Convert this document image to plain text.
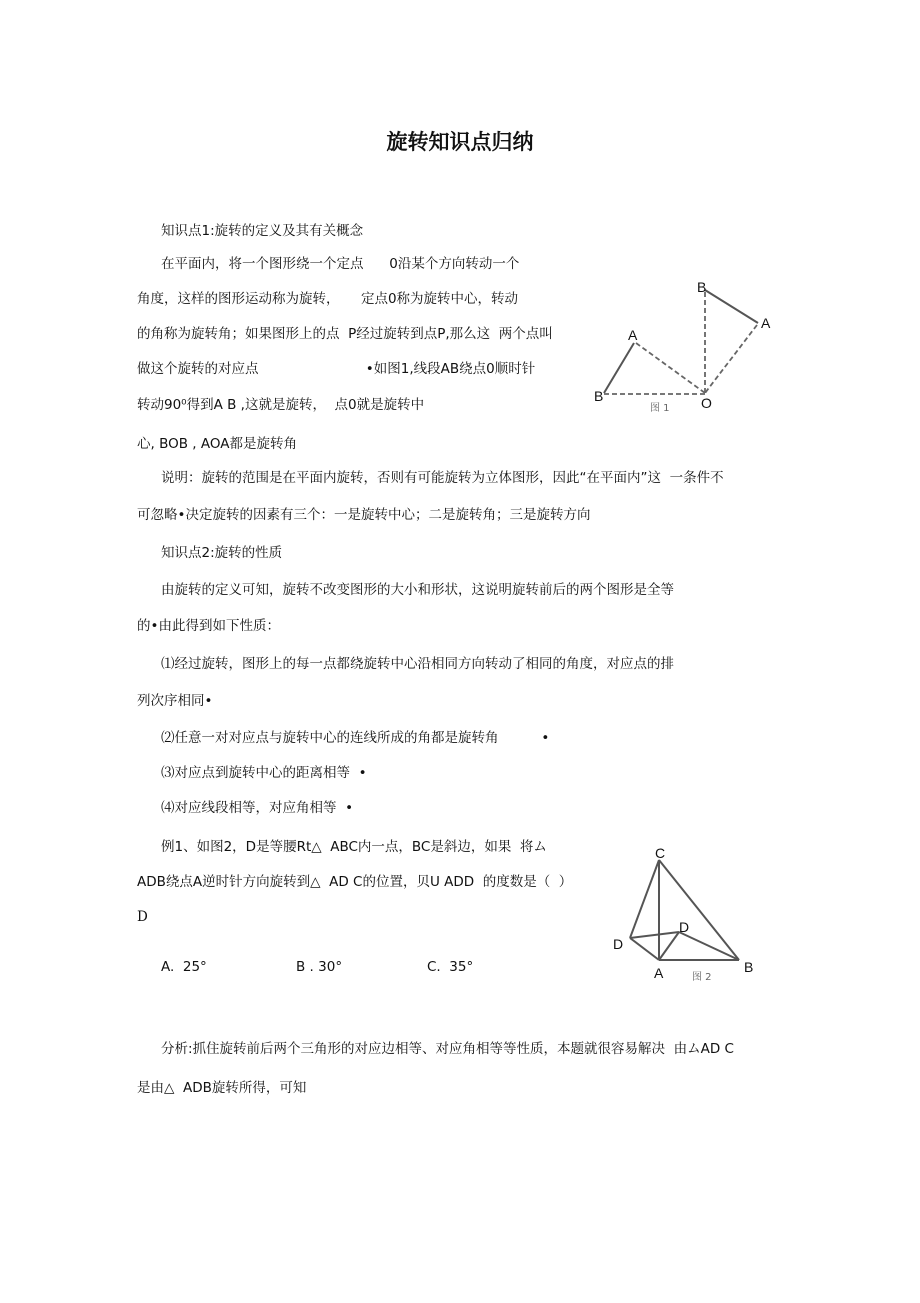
旋转知识点归纳
知识点1:旋转的定义及其有关概念
在平面内，将一个图形绕一个定点      0沿某个方向转动一个
角度，这样的图形运动称为旋转，     定点0称为旋转中心，转动
的角称为旋转角；如果图形上的点  P经过旋转到点P,那么这  两个点叫
做这个旋转的对应点                         •如图1,线段AB绕点0顺时针
转动90⁰得到A B ,这就是旋转，  点0就是旋转中
心, BOB , AOA都是旋转角
说明：旋转的范围是在平面内旋转，否则有可能旋转为立体图形，因此“在平面内”这  一条件不
可忽略•决定旋转的因素有三个：一是旋转中心；二是旋转角；三是旋转方向
知识点2:旋转的性质
由旋转的定义可知，旋转不改变图形的大小和形状，这说明旋转前后的两个图形是全等
的•由此得到如下性质：
⑴经过旋转，图形上的每一点都绕旋转中心沿相同方向转动了相同的角度，对应点的排
列次序相同•
⑵任意一对对应点与旋转中心的连线所成的角都是旋转角          •
⑶对应点到旋转中心的距离相等  •
⑷对应线段相等，对应角相等  •
例1、如图2，D是等腰Rt△  ABC内一点，BC是斜边，如果  将ム
ADB绕点A逆时针方向旋转到△  AD C的位置，贝U ADD  的度数是（  ）
D
A.  25°	B . 30°	C.  35°
分析:抓住旋转前后两个三角形的对应边相等、对应角相等等性质，本题就很容易解决  由ムAD C
是由△  ADB旋转所得，可知
B
A
A
B	O
图 1
C
D
D
A	B
图 2
